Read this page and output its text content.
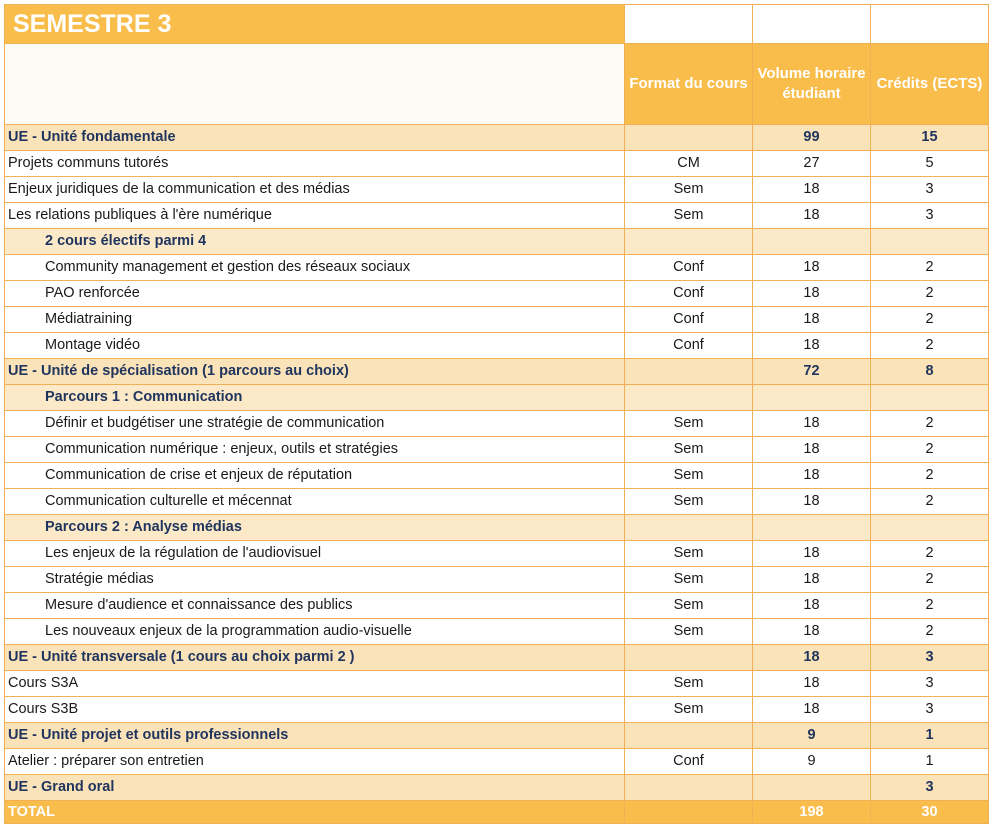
SEMESTRE 3			
	Format du cours	Volume horaire étudiant	Crédits (ECTS)
UE - Unité fondamentale		99	15
Projets communs tutorés	CM	27	5
Enjeux juridiques de la communication et des médias	Sem	18	3
Les relations publiques à l'ère numérique	Sem	18	3
2 cours électifs parmi 4			
Community management et gestion des réseaux sociaux	Conf	18	2
PAO renforcée	Conf	18	2
Médiatraining	Conf	18	2
Montage vidéo	Conf	18	2
UE - Unité de spécialisation (1 parcours au choix)		72	8
Parcours 1 : Communication			
Définir et budgétiser une stratégie de communication	Sem	18	2
Communication numérique : enjeux, outils et stratégies	Sem	18	2
Communication de crise et enjeux de réputation	Sem	18	2
Communication culturelle et mécennat	Sem	18	2
Parcours 2 : Analyse médias			
Les enjeux de la régulation de l'audiovisuel	Sem	18	2
Stratégie médias	Sem	18	2
Mesure d'audience et connaissance des publics	Sem	18	2
Les nouveaux enjeux de la programmation audio-visuelle	Sem	18	2
UE - Unité transversale (1 cours au choix parmi 2 )		18	3
Cours S3A	Sem	18	3
Cours S3B	Sem	18	3
UE - Unité projet et outils professionnels		9	1
Atelier : préparer son entretien	Conf	9	1
UE - Grand oral			3
TOTAL		198	30
